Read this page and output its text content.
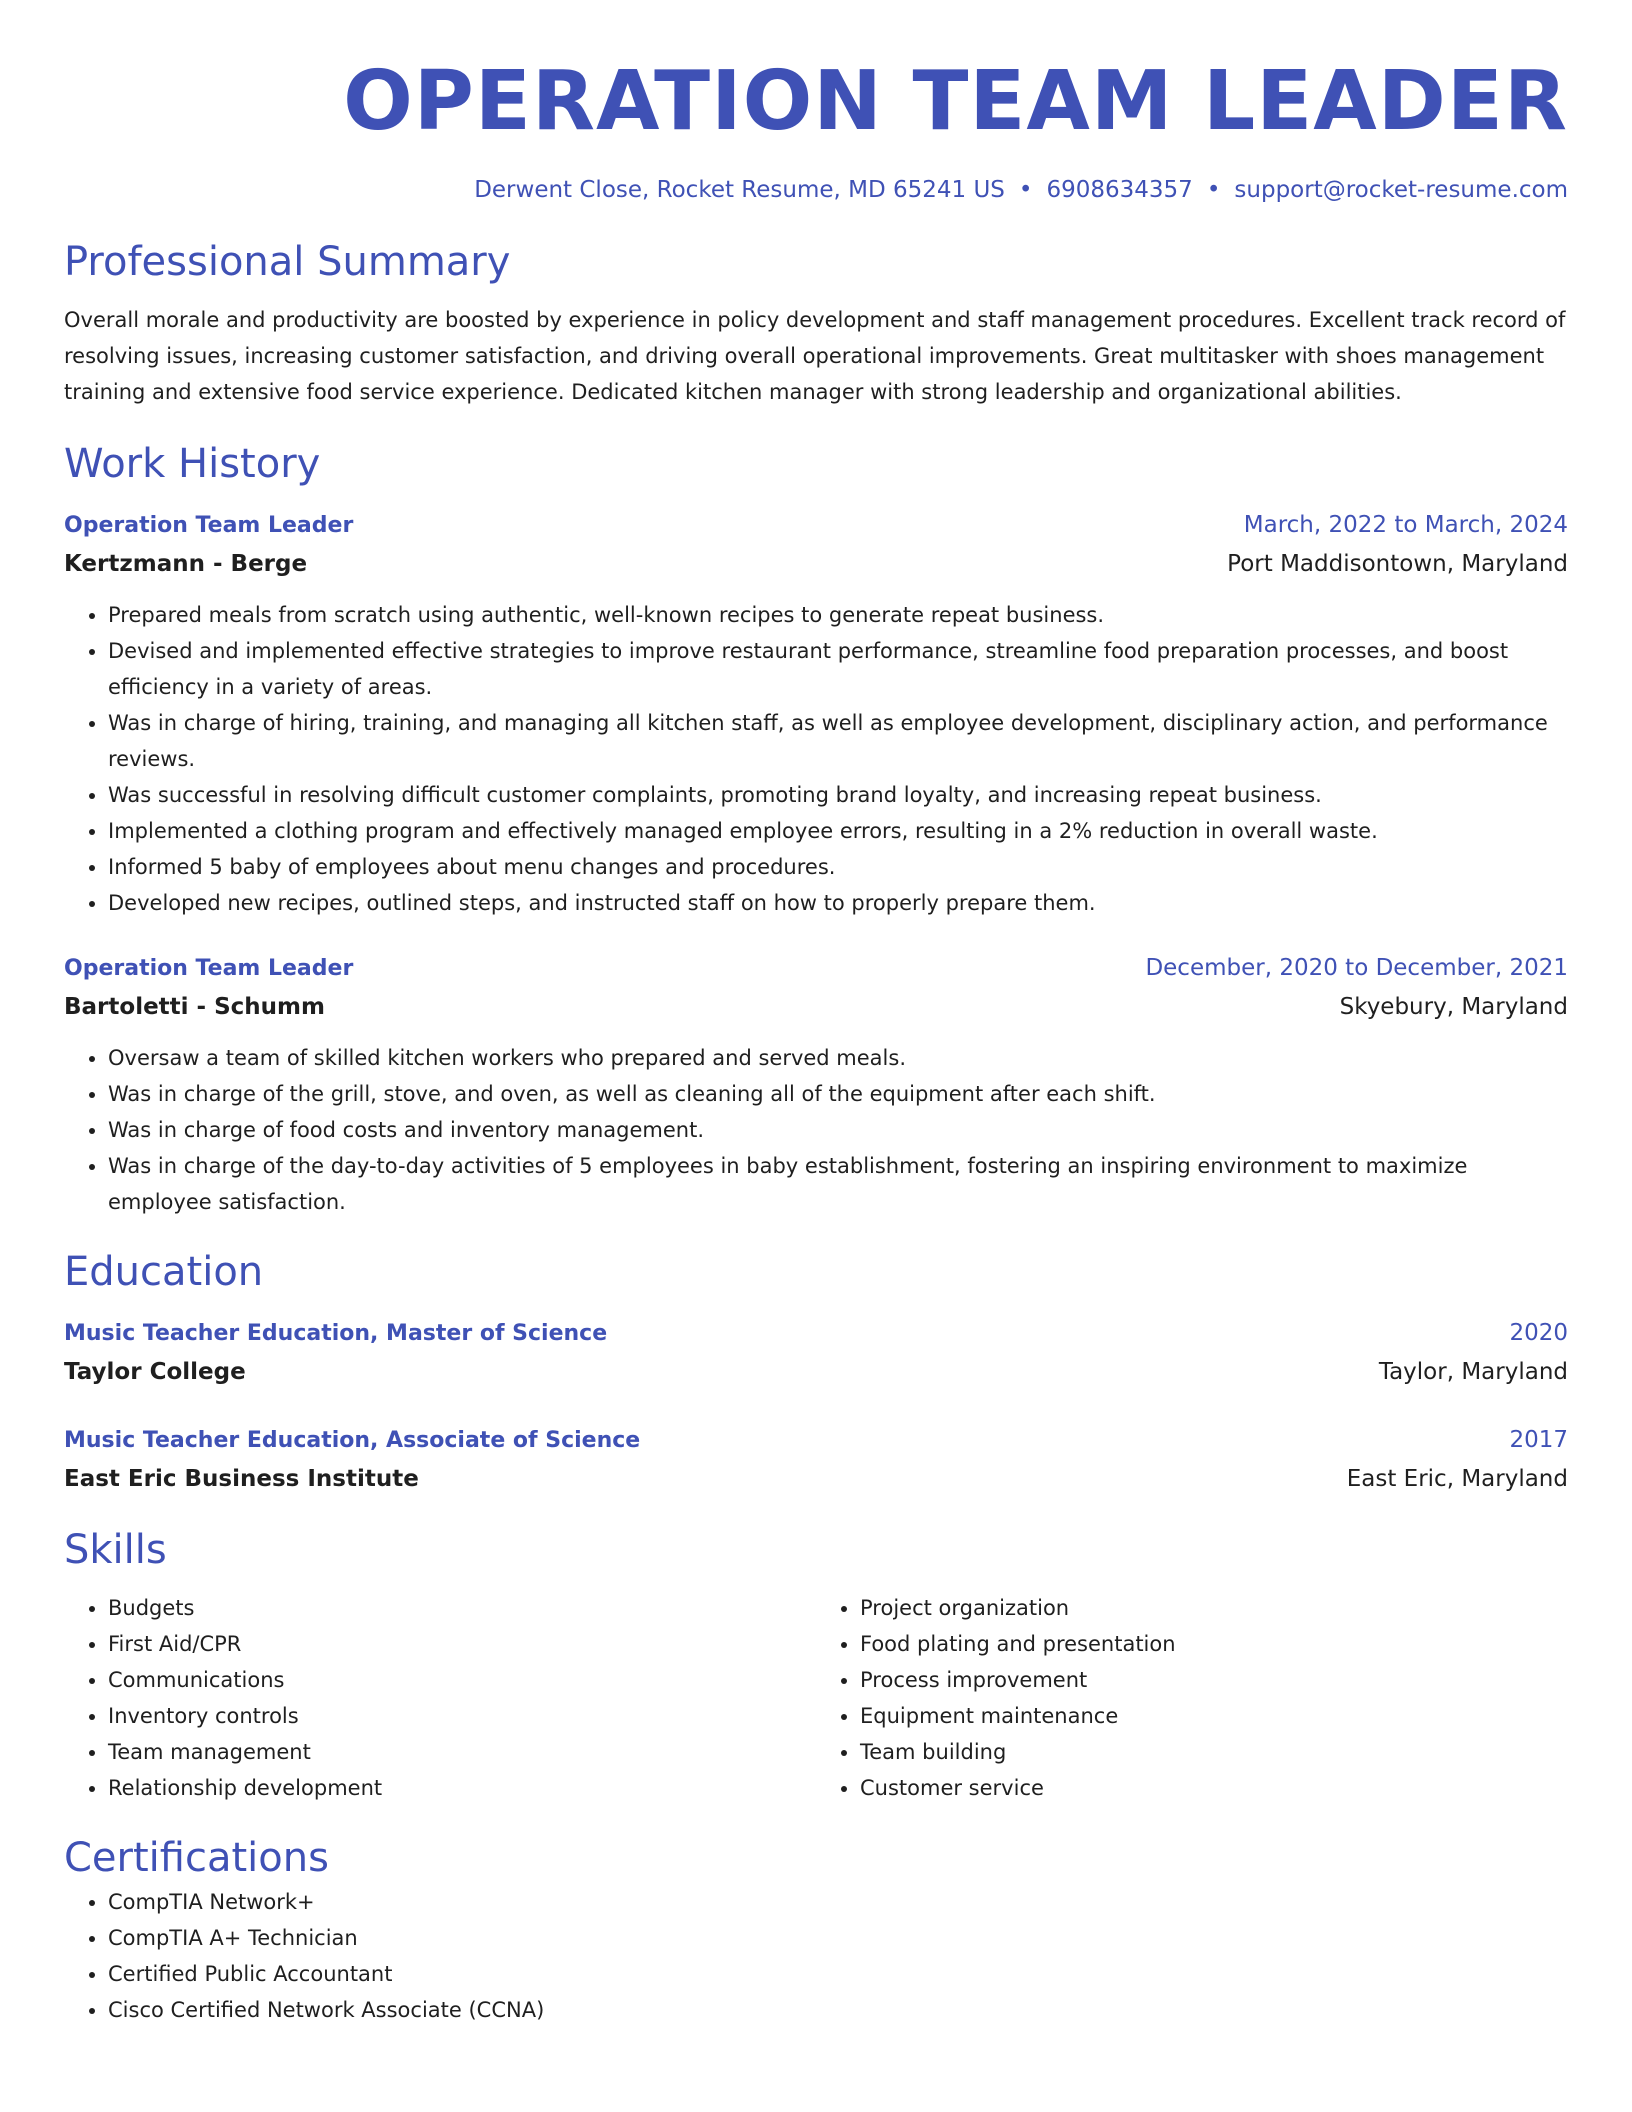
OPERATION TEAM LEADER
Derwent Close, Rocket Resume, MD 65241 US • 6908634357 • support@rocket-resume.com
Professional Summary
Overall morale and productivity are boosted by experience in policy development and staff management procedures. Excellent track record of resolving issues, increasing customer satisfaction, and driving overall operational improvements. Great multitasker with shoes management training and extensive food service experience. Dedicated kitchen manager with strong leadership and organizational abilities.
Work History
Operation Team Leader	March, 2022 to March, 2024
Kertzmann - Berge	Port Maddisontown, Maryland
• Prepared meals from scratch using authentic, well-known recipes to generate repeat business.
• Devised and implemented effective strategies to improve restaurant performance, streamline food preparation processes, and boost efficiency in a variety of areas.
• Was in charge of hiring, training, and managing all kitchen staff, as well as employee development, disciplinary action, and performance reviews.
• Was successful in resolving difficult customer complaints, promoting brand loyalty, and increasing repeat business.
• Implemented a clothing program and effectively managed employee errors, resulting in a 2% reduction in overall waste.
• Informed 5 baby of employees about menu changes and procedures.
• Developed new recipes, outlined steps, and instructed staff on how to properly prepare them.
Operation Team Leader	December, 2020 to December, 2021
Bartoletti - Schumm	Skyebury, Maryland
• Oversaw a team of skilled kitchen workers who prepared and served meals.
• Was in charge of the grill, stove, and oven, as well as cleaning all of the equipment after each shift.
• Was in charge of food costs and inventory management.
• Was in charge of the day-to-day activities of 5 employees in baby establishment, fostering an inspiring environment to maximize employee satisfaction.
Education
Music Teacher Education, Master of Science	2020
Taylor College	Taylor, Maryland
Music Teacher Education, Associate of Science	2017
East Eric Business Institute	East Eric, Maryland
Skills
• Budgets
• First Aid/CPR
• Communications
• Inventory controls
• Team management
• Relationship development
• Project organization
• Food plating and presentation
• Process improvement
• Equipment maintenance
• Team building
• Customer service
Certifications
• CompTIA Network+
• CompTIA A+ Technician
• Certified Public Accountant
• Cisco Certified Network Associate (CCNA)
